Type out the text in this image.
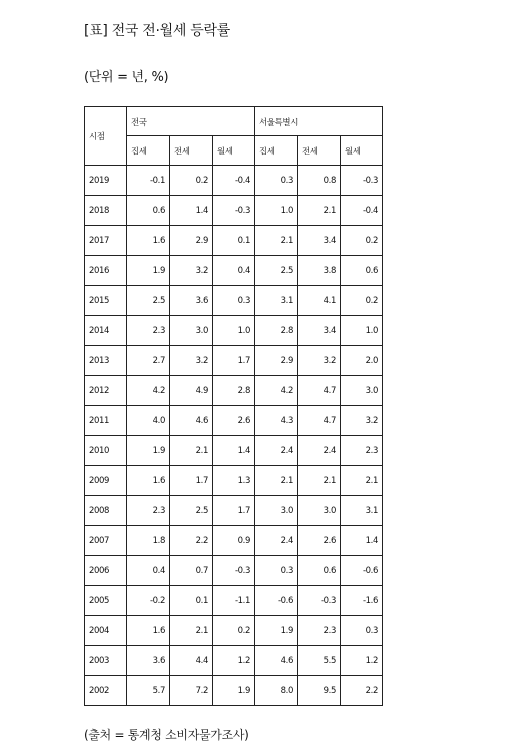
[표] 전국 전·월세 등락률
(단위 = 년, %)
시점	전국			서울특별시		
	집세	전세	월세	집세	전세	월세
2019	-0.1	0.2	-0.4	0.3	0.8	-0.3
2018	0.6	1.4	-0.3	1.0	2.1	-0.4
2017	1.6	2.9	0.1	2.1	3.4	0.2
2016	1.9	3.2	0.4	2.5	3.8	0.6
2015	2.5	3.6	0.3	3.1	4.1	0.2
2014	2.3	3.0	1.0	2.8	3.4	1.0
2013	2.7	3.2	1.7	2.9	3.2	2.0
2012	4.2	4.9	2.8	4.2	4.7	3.0
2011	4.0	4.6	2.6	4.3	4.7	3.2
2010	1.9	2.1	1.4	2.4	2.4	2.3
2009	1.6	1.7	1.3	2.1	2.1	2.1
2008	2.3	2.5	1.7	3.0	3.0	3.1
2007	1.8	2.2	0.9	2.4	2.6	1.4
2006	0.4	0.7	-0.3	0.3	0.6	-0.6
2005	-0.2	0.1	-1.1	-0.6	-0.3	-1.6
2004	1.6	2.1	0.2	1.9	2.3	0.3
2003	3.6	4.4	1.2	4.6	5.5	1.2
2002	5.7	7.2	1.9	8.0	9.5	2.2
(출처 = 통계청 소비자물가조사)
